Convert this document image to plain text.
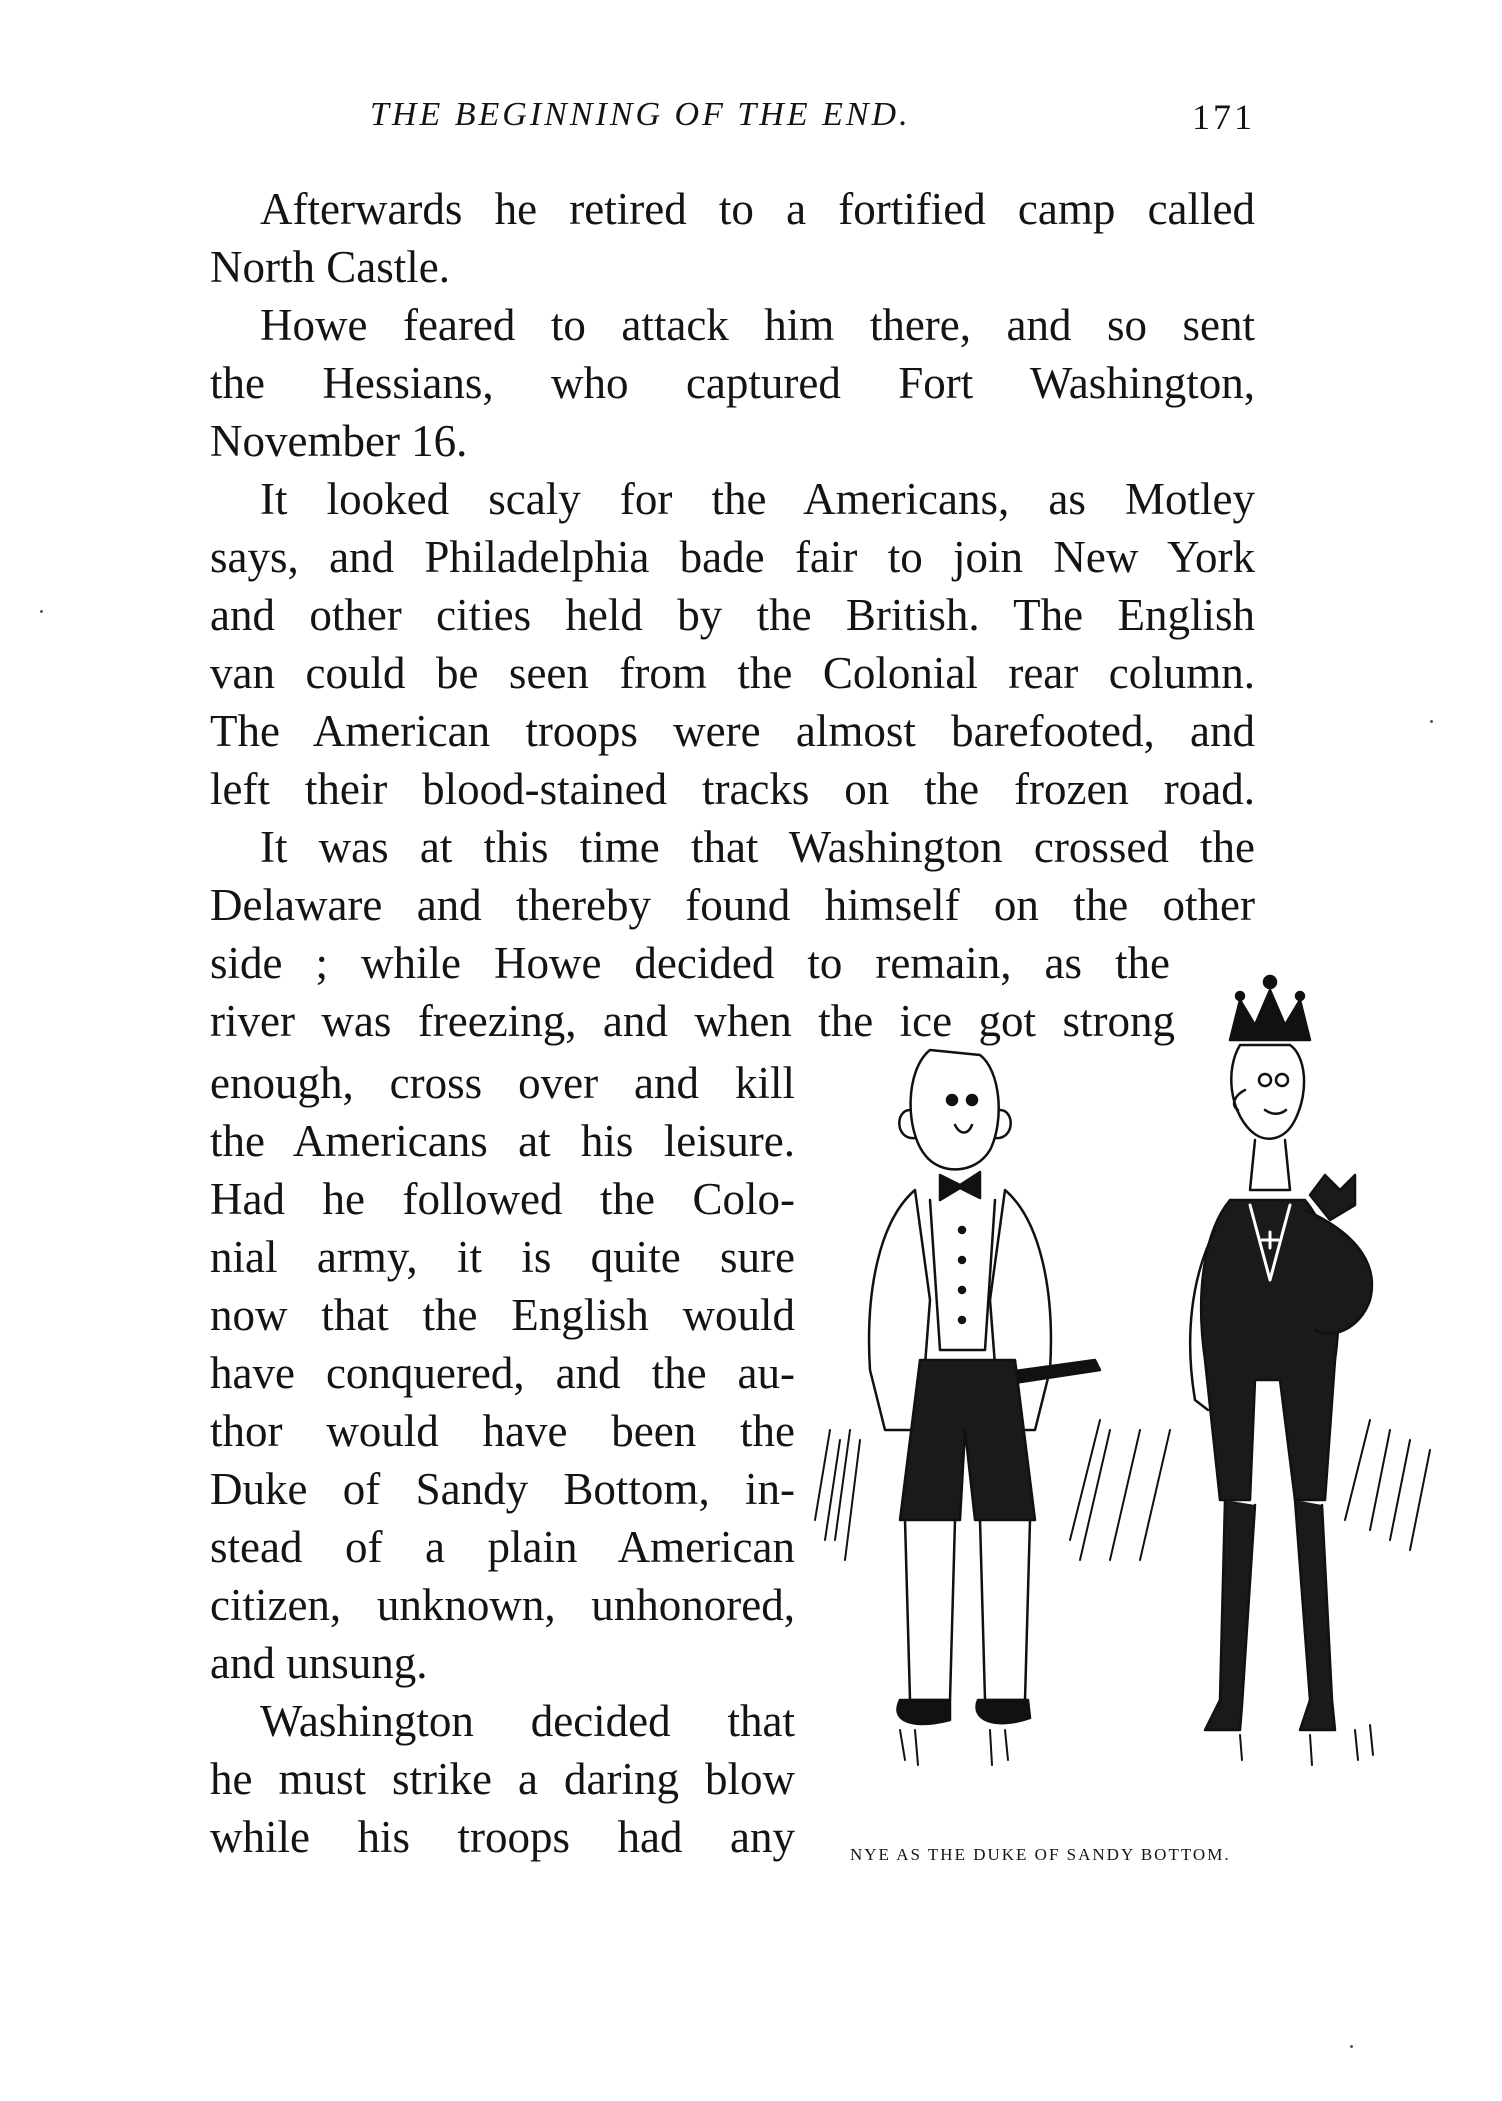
THE BEGINNING OF THE END.	171
Afterwards he retired to a fortified camp called
North Castle.
Howe feared to attack him there, and so sent
the Hessians, who captured Fort Washington,
November 16.
It looked scaly for the Americans, as Motley
says, and Philadelphia bade fair to join New York
and other cities held by the British. The English
van could be seen from the Colonial rear column.
The American troops were almost barefooted, and
left their blood-stained tracks on the frozen road.
It was at this time that Washington crossed the
Delaware and thereby found himself on the other
side ; while Howe decided to remain, as the
river was freezing, and when the ice got strong
enough, cross over and kill
the Americans at his leisure.
Had he followed the Colo-
nial army, it is quite sure
now that the English would
have conquered, and the au-
thor would have been the
Duke of Sandy Bottom, in-
stead of a plain American
citizen, unknown, unhonored,
and unsung.
Washington decided that
he must strike a daring blow
while his troops had any	NYE AS THE DUKE OF SANDY BOTTOM.
